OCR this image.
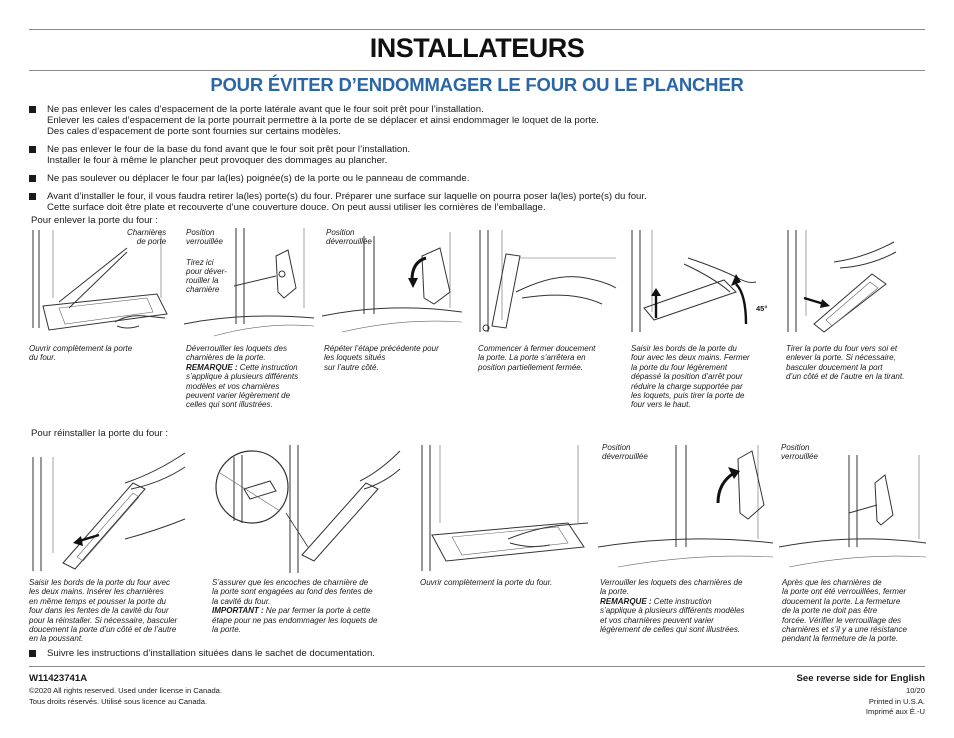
INSTALLATEURS
POUR ÉVITER D’ENDOMMAGER LE FOUR OU LE PLANCHER

Ne pas enlever les cales d’espacement de la porte latérale avant que le four soit prêt pour l’installation.

Enlever les cales d’espacement de la porte pourrait permettre à la porte de se déplacer et ainsi endommager le loquet de la porte.

Des cales d’espacement de porte sont fournies sur certains modèles.

Ne pas enlever le four de la base du fond avant que le four soit prêt pour l’installation.

Installer le four à même le plancher peut provoquer des dommages au plancher.

Ne pas soulever ou déplacer le four par la(les) poignée(s) de la porte ou le panneau de commande.

Avant d’installer le four, il vous faudra retirer la(les) porte(s) du four. Préparer une surface sur laquelle on pourra poser la(les) porte(s) du four.

Cette surface doit être plate et recouverte d’une couverture douce. On peut aussi utiliser les cornières de l’emballage.

Pour enlever la porte du four :
Charnières
de porte
Position
verrouillée
Tirez ici
pour déver-
rouiller la
charnière
Position
déverrouillée
45°
Ouvrir complètement la porte
du four.
Déverrouiller les loquets des
charnières de la porte.
REMARQUE : Cette instruction
s’applique à plusieurs différents
modèles et vos charnières
peuvent varier légèrement de
celles qui sont illustrées.
Répéter l’étape précédente pour
les loquets situés
sur l’autre côté.
Commencer à fermer doucement
la porte. La porte s’arrêtera en
position partiellement fermée.
Saisir les bords de la porte du
four avec les deux mains. Fermer
la porte du four légèrement
dépassé la position d’arrêt pour
réduire la charge supportée par
les loquets, puis tirer la porte de
four vers le haut.
Tirer la porte du four vers soi et
enlever la porte. Si nécessaire,
basculer doucement la port
d’un côté et de l’autre en la tirant.
Pour réinstaller la porte du four :
Position
déverrouillée
Position
verrouillée
Saisir les bords de la porte du four avec
les deux mains. Insérer les charnières
en même temps et pousser la porte du
four dans les fentes de la cavité du four
pour la réinstaller. Si nécessaire, basculer
doucement la porte d’un côté et de l’autre
en la poussant.
S’assurer que les encoches de charnière de
la porte sont engagées au fond des fentes de
la cavité du four.
IMPORTANT : Ne par fermer la porte à cette
étape pour ne pas endommager les loquets de
la porte.
Ouvrir complètement la porte du four.	Verrouiller les loquets des charnières de
la porte.
REMARQUE : Cette instruction
s’applique à plusieurs différents modèles
et vos charnières peuvent varier
légèrement de celles qui sont illustrées.
Après que les charnières de
la porte ont été verrouillées, fermer
doucement la porte. La fermeture
de la porte ne doit pas être
forcée. Vérifier le verrouillage des
charnières et s’il y a une résistance
pendant la fermeture de la porte.
Suivre les instructions d’installation situées dans le sachet de documentation.
W11423741A
©2020 All rights reserved. Used under license in Canada.
Tous droits réservés. Utilisé sous licence au Canada.
See reverse side for English
10/20
Printed in U.S.A.
Imprimé aux É.-U
